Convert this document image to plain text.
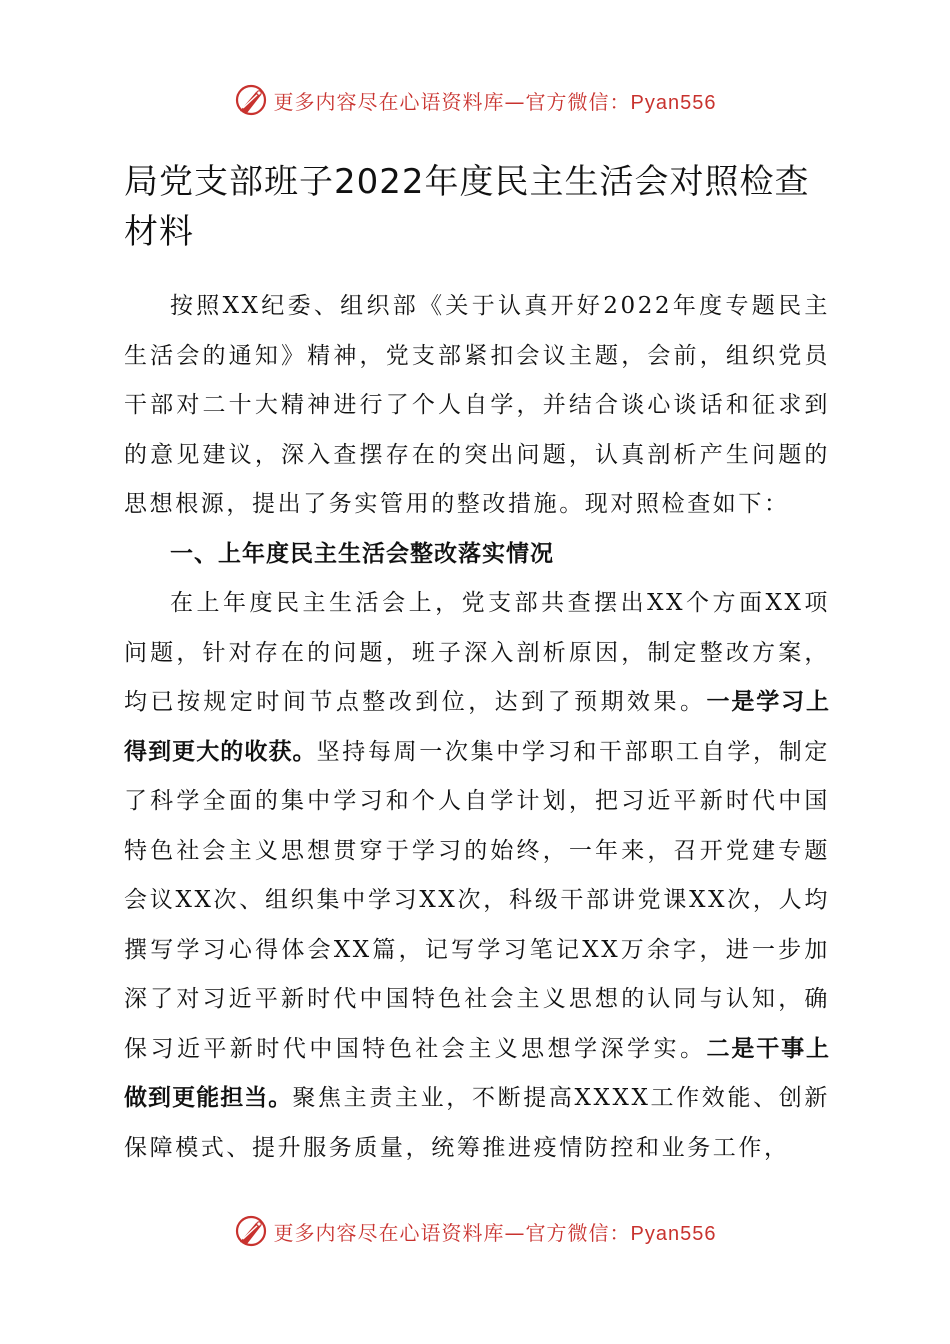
更多内容尽在心语资料库—官方微信：Pyan556
局党支部班子2022年度民主生活会对照检查材料

按照XX纪委、组织部《关于认真开好2022年度专题民主生活会的通知》精神，党支部紧扣会议主题，会前，组织党员干部对二十大精神进行了个人自学，并结合谈心谈话和征求到的意见建议，深入查摆存在的突出问题，认真剖析产生问题的思想根源，提出了务实管用的整改措施。现对照检查如下：

一、上年度民主生活会整改落实情况

在上年度民主生活会上，党支部共查摆出XX个方面XX项问题，针对存在的问题，班子深入剖析原因，制定整改方案，均已按规定时间节点整改到位，达到了预期效果。一是学习上得到更大的收获。坚持每周一次集中学习和干部职工自学，制定了科学全面的集中学习和个人自学计划，把习近平新时代中国特色社会主义思想贯穿于学习的始终，一年来，召开党建专题会议XX次、组织集中学习XX次，科级干部讲党课XX次，人均撰写学习心得体会XX篇，记写学习笔记XX万余字，进一步加深了对习近平新时代中国特色社会主义思想的认同与认知，确保习近平新时代中国特色社会主义思想学深学实。二是干事上做到更能担当。聚焦主责主业，不断提高XXXX工作效能、创新保障模式、提升服务质量，统筹推进疫情防控和业务工作，

更多内容尽在心语资料库—官方微信：Pyan556
